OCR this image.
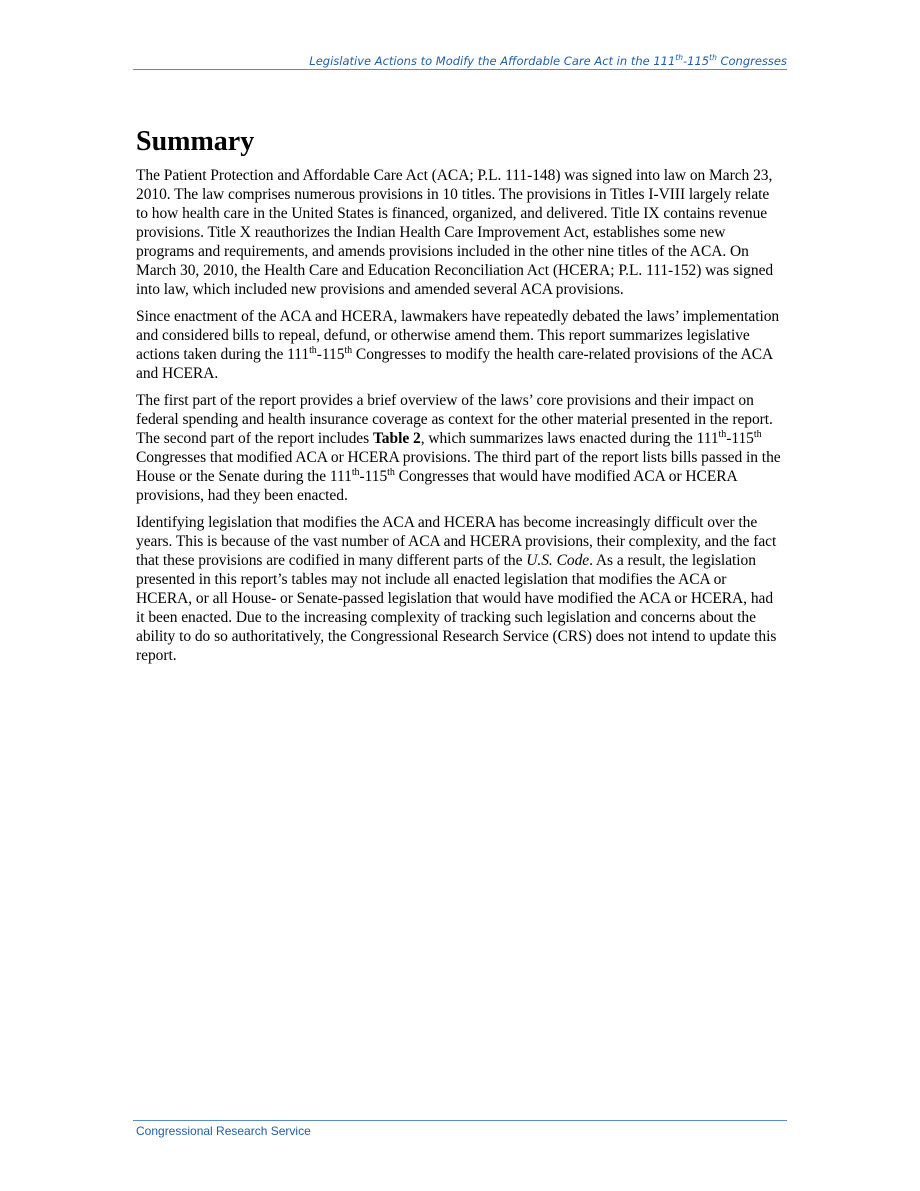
Legislative Actions to Modify the Affordable Care Act in the 111th-115th Congresses
Summary

The Patient Protection and Affordable Care Act (ACA; P.L. 111-148) was signed into law on March 23, 2010. The law comprises numerous provisions in 10 titles. The provisions in Titles I-VIII largely relate to how health care in the United States is financed, organized, and delivered. Title IX contains revenue provisions. Title X reauthorizes the Indian Health Care Improvement Act, establishes some new programs and requirements, and amends provisions included in the other nine titles of the ACA. On March 30, 2010, the Health Care and Education Reconciliation Act (HCERA; P.L. 111-152) was signed into law, which included new provisions and amended several ACA provisions.

Since enactment of the ACA and HCERA, lawmakers have repeatedly debated the laws’ implementation and considered bills to repeal, defund, or otherwise amend them. This report summarizes legislative actions taken during the 111th-115th Congresses to modify the health care-related provisions of the ACA and HCERA.

The first part of the report provides a brief overview of the laws’ core provisions and their impact on federal spending and health insurance coverage as context for the other material presented in the report. The second part of the report includes Table 2, which summarizes laws enacted during the 111th-115th Congresses that modified ACA or HCERA provisions. The third part of the report lists bills passed in the House or the Senate during the 111th-115th Congresses that would have modified ACA or HCERA provisions, had they been enacted.

Identifying legislation that modifies the ACA and HCERA has become increasingly difficult over the years. This is because of the vast number of ACA and HCERA provisions, their complexity, and the fact that these provisions are codified in many different parts of the U.S. Code. As a result, the legislation presented in this report’s tables may not include all enacted legislation that modifies the ACA or HCERA, or all House- or Senate-passed legislation that would have modified the ACA or HCERA, had it been enacted. Due to the increasing complexity of tracking such legislation and concerns about the ability to do so authoritatively, the Congressional Research Service (CRS) does not intend to update this report.

Congressional Research Service
